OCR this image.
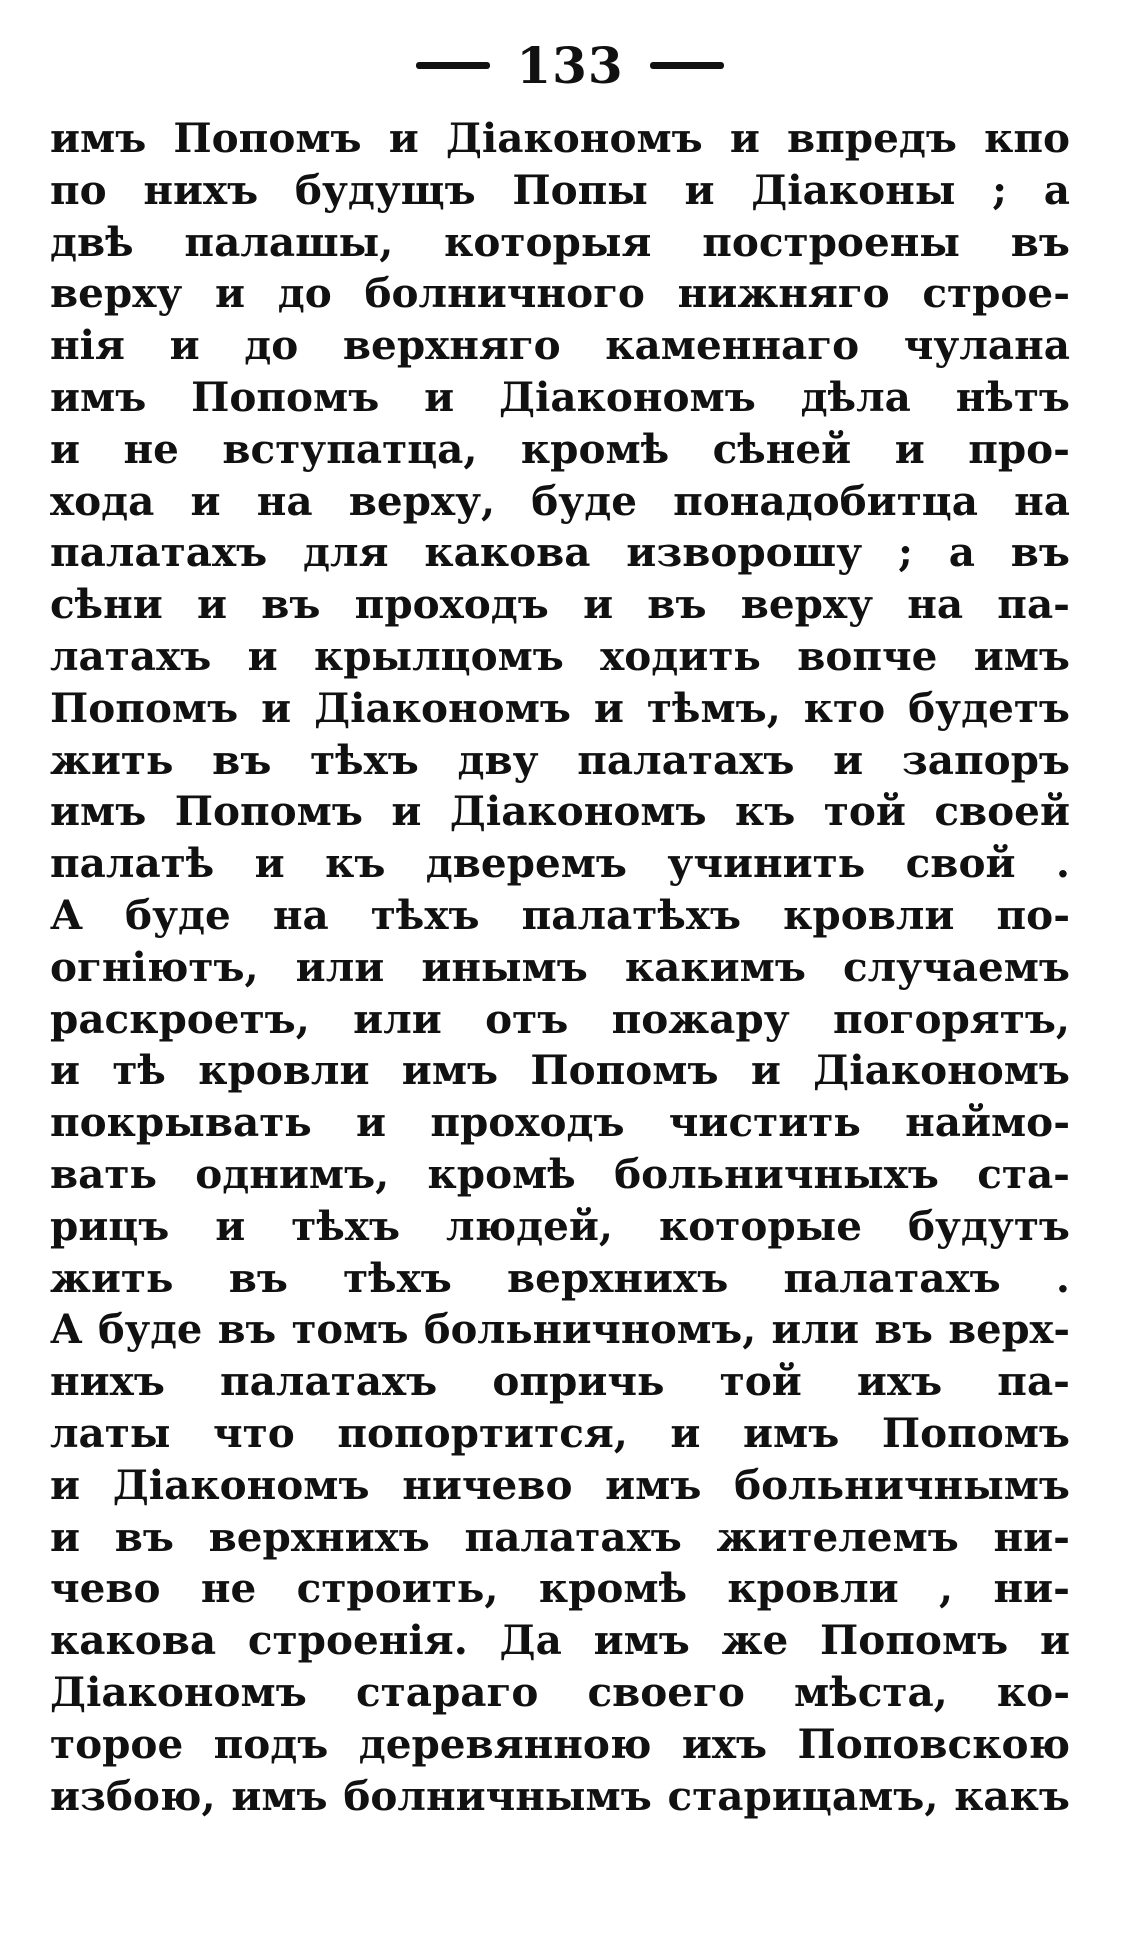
133
имъ Попомъ и Діакономъ и впредъ кпо
по нихъ будущъ Попы и Діаконы ; а
двѣ палашы, которыя построены въ
верху и до болничного нижняго строе-
нія и до верхняго каменнаго чулана
имъ Попомъ и Діакономъ дѣла нѣтъ
и не вступатца, кромѣ сѣней и про-
хода и на верху, буде понадобитца на
палатахъ для какова изворошу ; а въ
сѣни и въ проходъ и въ верху на па-
латахъ и крылцомъ ходить вопче имъ
Попомъ и Діакономъ и тѣмъ, кто будетъ
жить въ тѣхъ дву палатахъ и запоръ
имъ Попомъ и Діакономъ къ той своей
палатѣ и къ дверемъ учинить свой .
А буде на тѣхъ палатѣхъ кровли по-
огніютъ, или инымъ какимъ случаемъ
раскроетъ, или отъ пожару погорятъ,
и тѣ кровли имъ Попомъ и Діакономъ
покрывать и проходъ чистить наймо-
вать однимъ, кромѣ больничныхъ ста-
рицъ и тѣхъ людей, которые будутъ
жить въ тѣхъ верхнихъ палатахъ .
А буде въ томъ больничномъ, или въ верх-
нихъ палатахъ опричь той ихъ па-
латы что попортится, и имъ Попомъ
и Діакономъ ничево имъ больничнымъ
и въ верхнихъ палатахъ жителемъ ни-
чево не строить, кромѣ кровли , ни-
какова строенія. Да имъ же Попомъ и
Діакономъ стараго своего мѣста, ко-
торое подъ деревянною ихъ Поповскою
избою, имъ болничнымъ старицамъ, какъ
